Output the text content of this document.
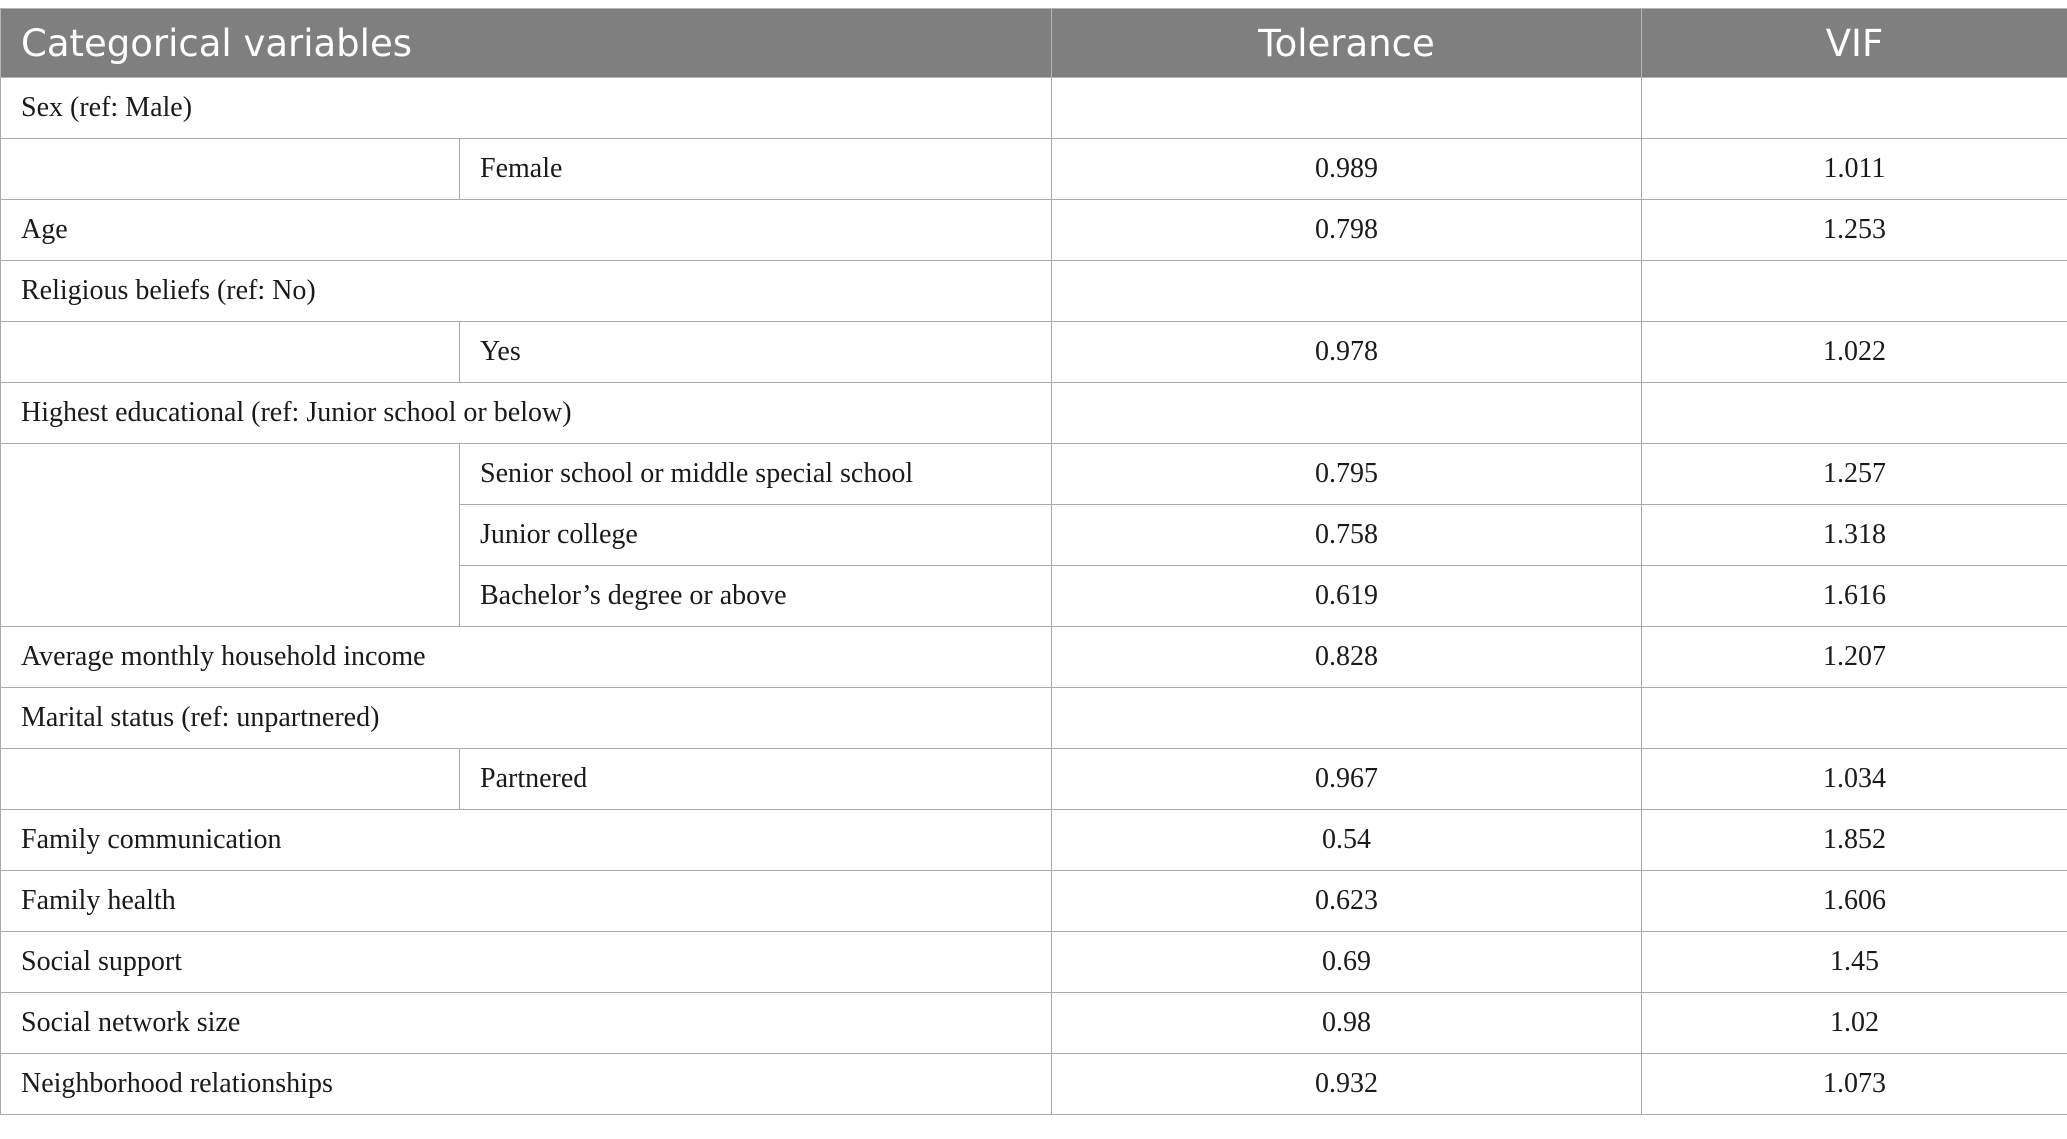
Categorical variables		Tolerance	VIF
Sex (ref: Male)			
	Female	0.989	1.011
Age		0.798	1.253
Religious beliefs (ref: No)			
	Yes	0.978	1.022
Highest educational (ref: Junior school or below)			
	Senior school or middle special school	0.795	1.257
	Junior college	0.758	1.318
	Bachelor’s degree or above	0.619	1.616
Average monthly household income		0.828	1.207
Marital status (ref: unpartnered)			
	Partnered	0.967	1.034
Family communication		0.54	1.852
Family health		0.623	1.606
Social support		0.69	1.45
Social network size		0.98	1.02
Neighborhood relationships		0.932	1.073
